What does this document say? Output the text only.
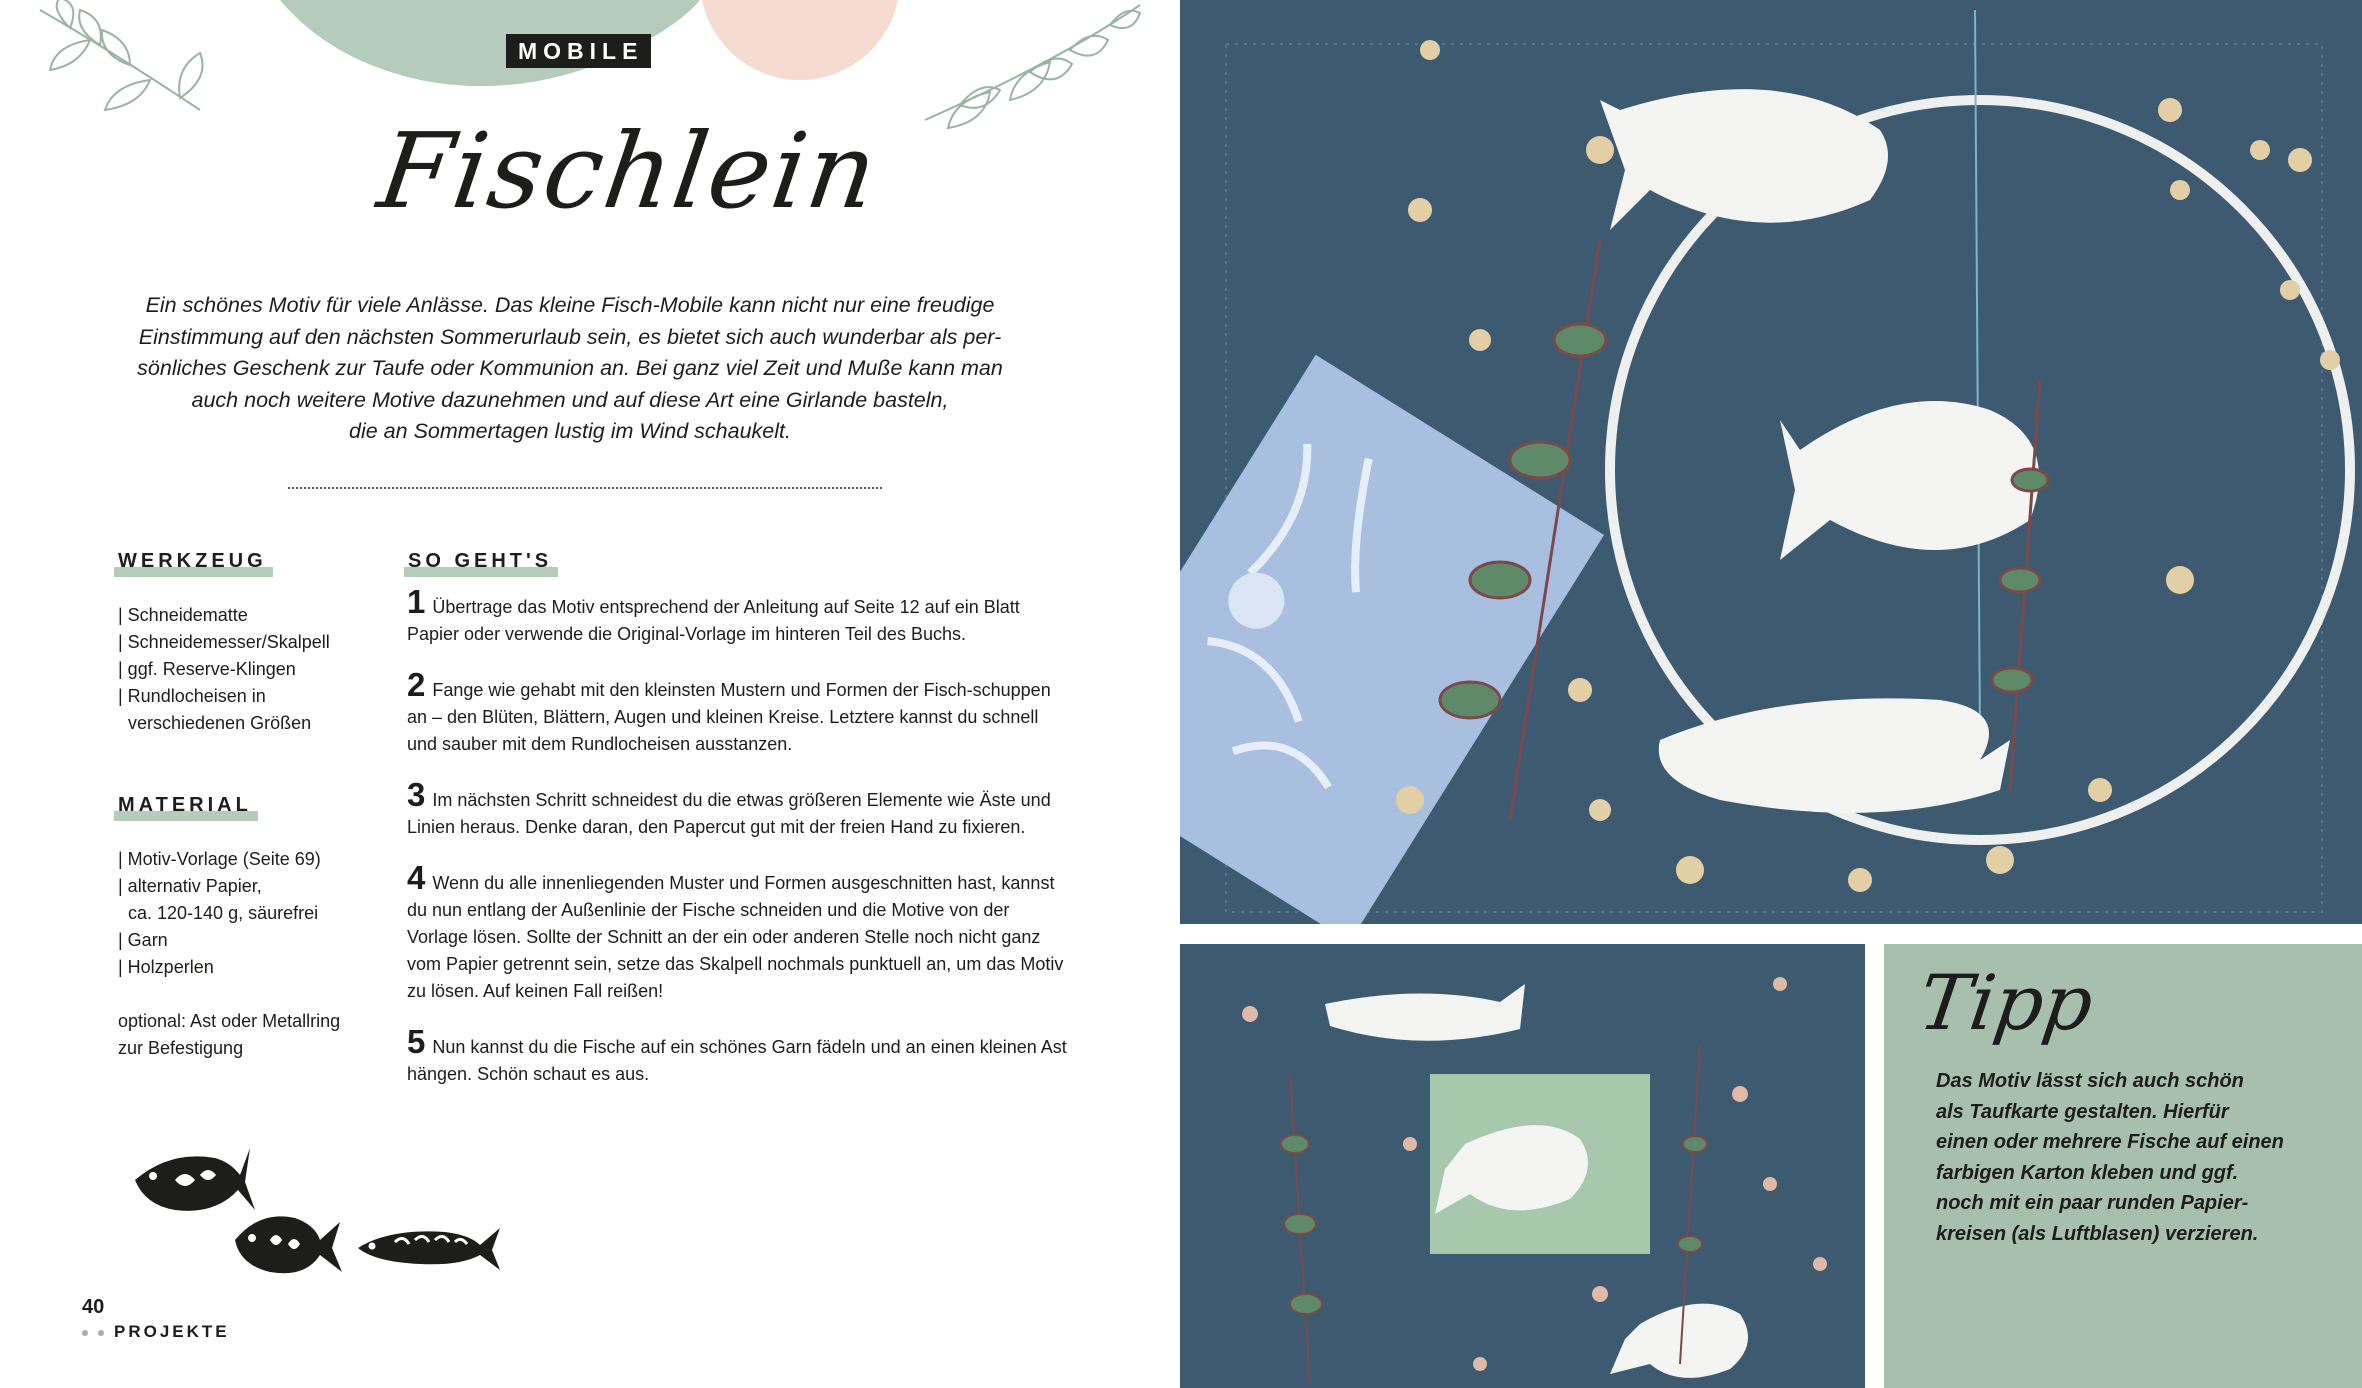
MOBILE
Fischlein
Ein schönes Motiv für viele Anlässe. Das kleine Fisch-Mobile kann nicht nur eine freudige
Einstimmung auf den nächsten Sommerurlaub sein, es bietet sich auch wunderbar als per-
sönliches Geschenk zur Taufe oder Kommunion an. Bei ganz viel Zeit und Muße kann man
auch noch weitere Motive dazunehmen und auf diese Art eine Girlande basteln,
die an Sommertagen lustig im Wind schaukelt.
WERKZEUG
| Schneidematte
| Schneidemesser/Skalpell
| ggf. Reserve-Klingen
| Rundlocheisen in
verschiedenen Größen
MATERIAL
| Motiv-Vorlage (Seite 69)
| alternativ Papier,
ca. 120-140 g, säurefrei
| Garn
| Holzperlen
optional: Ast oder Metallring
zur Befestigung
SO GEHT'S
1 Übertrage das Motiv entsprechend der Anleitung auf Seite 12 auf ein Blatt Papier oder verwende die Original-Vorlage im hinteren Teil des Buchs.
2 Fange wie gehabt mit den kleinsten Mustern und Formen der Fisch-schuppen an – den Blüten, Blättern, Augen und kleinen Kreise. Letztere kannst du schnell und sauber mit dem Rundlocheisen ausstanzen.
3 Im nächsten Schritt schneidest du die etwas größeren Elemente wie Äste und Linien heraus. Denke daran, den Papercut gut mit der freien Hand zu fixieren.
4 Wenn du alle innenliegenden Muster und Formen ausgeschnitten hast, kannst du nun entlang der Außenlinie der Fische schneiden und die Motive von der Vorlage lösen. Sollte der Schnitt an der ein oder anderen Stelle noch nicht ganz vom Papier getrennt sein, setze das Skalpell nochmals punktuell an, um das Motiv zu lösen. Auf keinen Fall reißen!
5 Nun kannst du die Fische auf ein schönes Garn fädeln und an einen kleinen Ast hängen. Schön schaut es aus.
40
PROJEKTE
Tipp
Das Motiv lässt sich auch schön
als Taufkarte gestalten. Hierfür
einen oder mehrere Fische auf einen
farbigen Karton kleben und ggf.
noch mit ein paar runden Papier-
kreisen (als Luftblasen) verzieren.
